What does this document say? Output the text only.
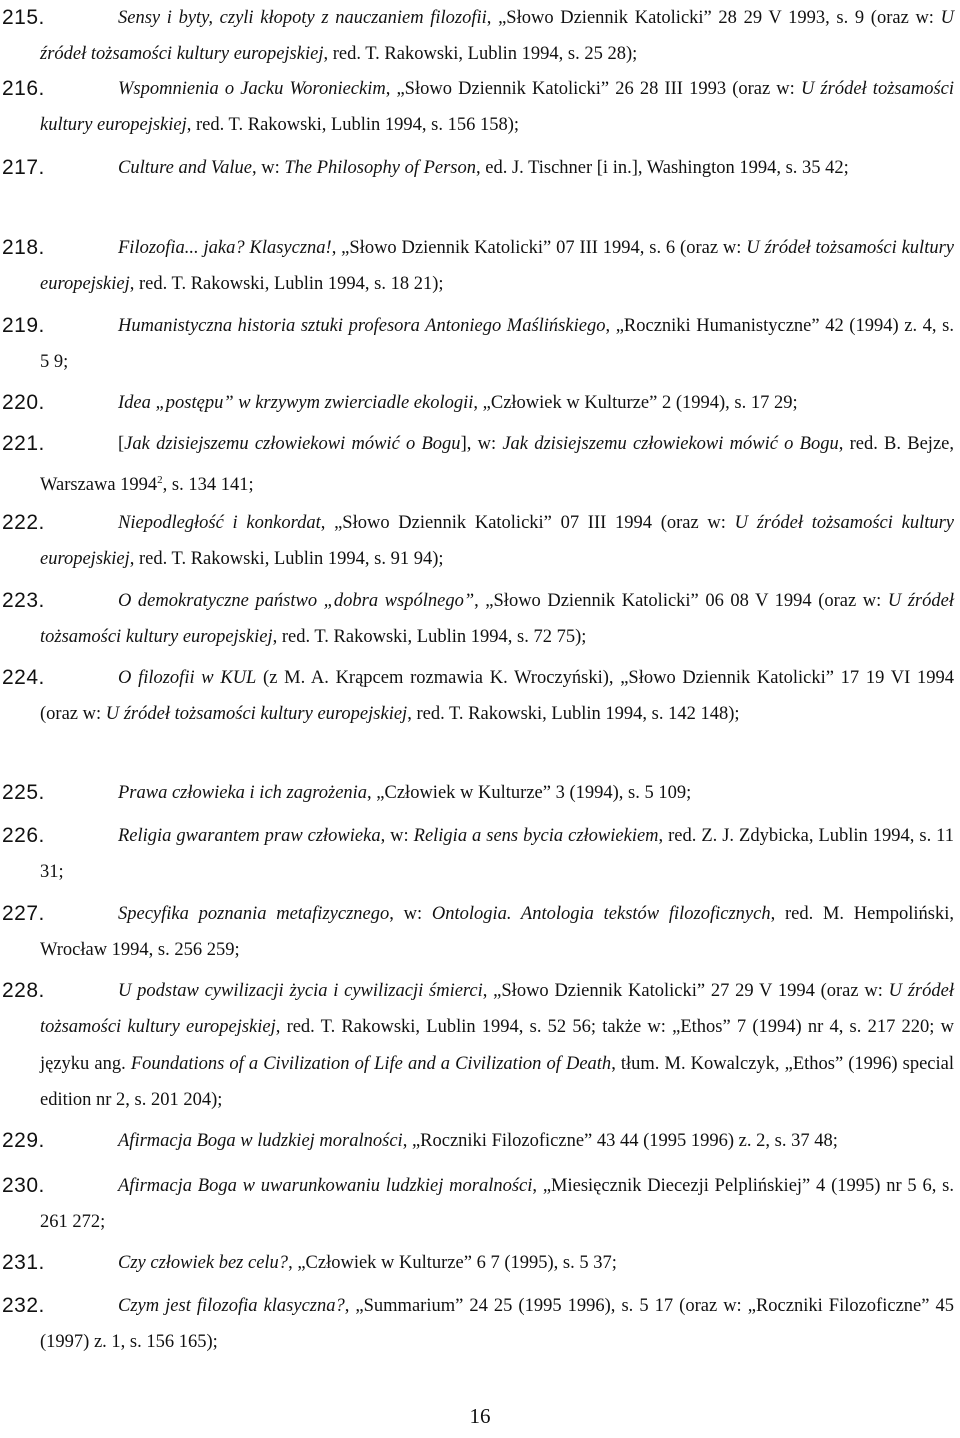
215.	Sensy i byty, czyli kłopoty z nauczaniem filozofii, „Słowo Dziennik Katolicki” 28 29 V 1993, s. 9 (oraz w: U źródeł tożsamości kultury europejskiej, red. T. Rakowski, Lublin 1994, s. 25 28);
216.	Wspomnienia o Jacku Woronieckim, „Słowo Dziennik Katolicki” 26 28 III 1993 (oraz w: U źródeł tożsamości kultury europejskiej, red. T. Rakowski, Lublin 1994, s. 156 158);
217.	Culture and Value, w: The Philosophy of Person, ed. J. Tischner [i in.], Washington 1994, s. 35 42;
218.	Filozofia... jaka? Klasyczna!, „Słowo Dziennik Katolicki” 07 III 1994, s. 6 (oraz w: U źródeł tożsamości kultury europejskiej, red. T. Rakowski, Lublin 1994, s. 18 21);
219.	Humanistyczna historia sztuki profesora Antoniego Maślińskiego, „Roczniki Humanistyczne” 42 (1994) z. 4, s. 5 9;
220.	Idea „postępu” w krzywym zwierciadle ekologii, „Człowiek w Kulturze” 2 (1994), s. 17 29;
221.	[Jak dzisiejszemu człowiekowi mówić o Bogu], w: Jak dzisiejszemu człowiekowi mówić o Bogu, red. B. Bejze, Warszawa 1994$^2$, s. 134 141;
222.	Niepodległość i konkordat, „Słowo Dziennik Katolicki” 07 III 1994 (oraz w: U źródeł tożsamości kultury europejskiej, red. T. Rakowski, Lublin 1994, s. 91 94);
223.	O demokratyczne państwo „dobra wspólnego”, „Słowo Dziennik Katolicki” 06 08 V 1994 (oraz w: U źródeł tożsamości kultury europejskiej, red. T. Rakowski, Lublin 1994, s. 72 75);
224.	O filozofii w KUL (z M. A. Krąpcem rozmawia K. Wroczyński), „Słowo Dziennik Katolicki” 17 19 VI 1994 (oraz w: U źródeł tożsamości kultury europejskiej, red. T. Rakowski, Lublin 1994, s. 142 148);
225.	Prawa człowieka i ich zagrożenia, „Człowiek w Kulturze” 3 (1994), s. 5 109;
226.	Religia gwarantem praw człowieka, w: Religia a sens bycia człowiekiem, red. Z. J. Zdybicka, Lublin 1994, s. 11 31;
227.	Specyfika poznania metafizycznego, w: Ontologia. Antologia tekstów filozoficznych, red. M. Hempoliński, Wrocław 1994, s. 256 259;
228.	U podstaw cywilizacji życia i cywilizacji śmierci, „Słowo Dziennik Katolicki” 27 29 V 1994 (oraz w: U źródeł tożsamości kultury europejskiej, red. T. Rakowski, Lublin 1994, s. 52 56; także w: „Ethos” 7 (1994) nr 4, s. 217 220; w języku ang. Foundations of a Civilization of Life and a Civilization of Death, tłum. M. Kowalczyk, „Ethos” (1996) special edition nr 2, s. 201 204);
229.	Afirmacja Boga w ludzkiej moralności, „Roczniki Filozoficzne” 43 44 (1995 1996) z. 2, s. 37 48;
230.	Afirmacja Boga w uwarunkowaniu ludzkiej moralności, „Miesięcznik Diecezji Pelplińskiej” 4 (1995) nr 5 6, s. 261 272;
231.	Czy człowiek bez celu?, „Człowiek w Kulturze” 6 7 (1995), s. 5 37;
232.	Czym jest filozofia klasyczna?, „Summarium” 24 25 (1995 1996), s. 5 17 (oraz w: „Roczniki Filozoficzne” 45 (1997) z. 1, s. 156 165);
16
